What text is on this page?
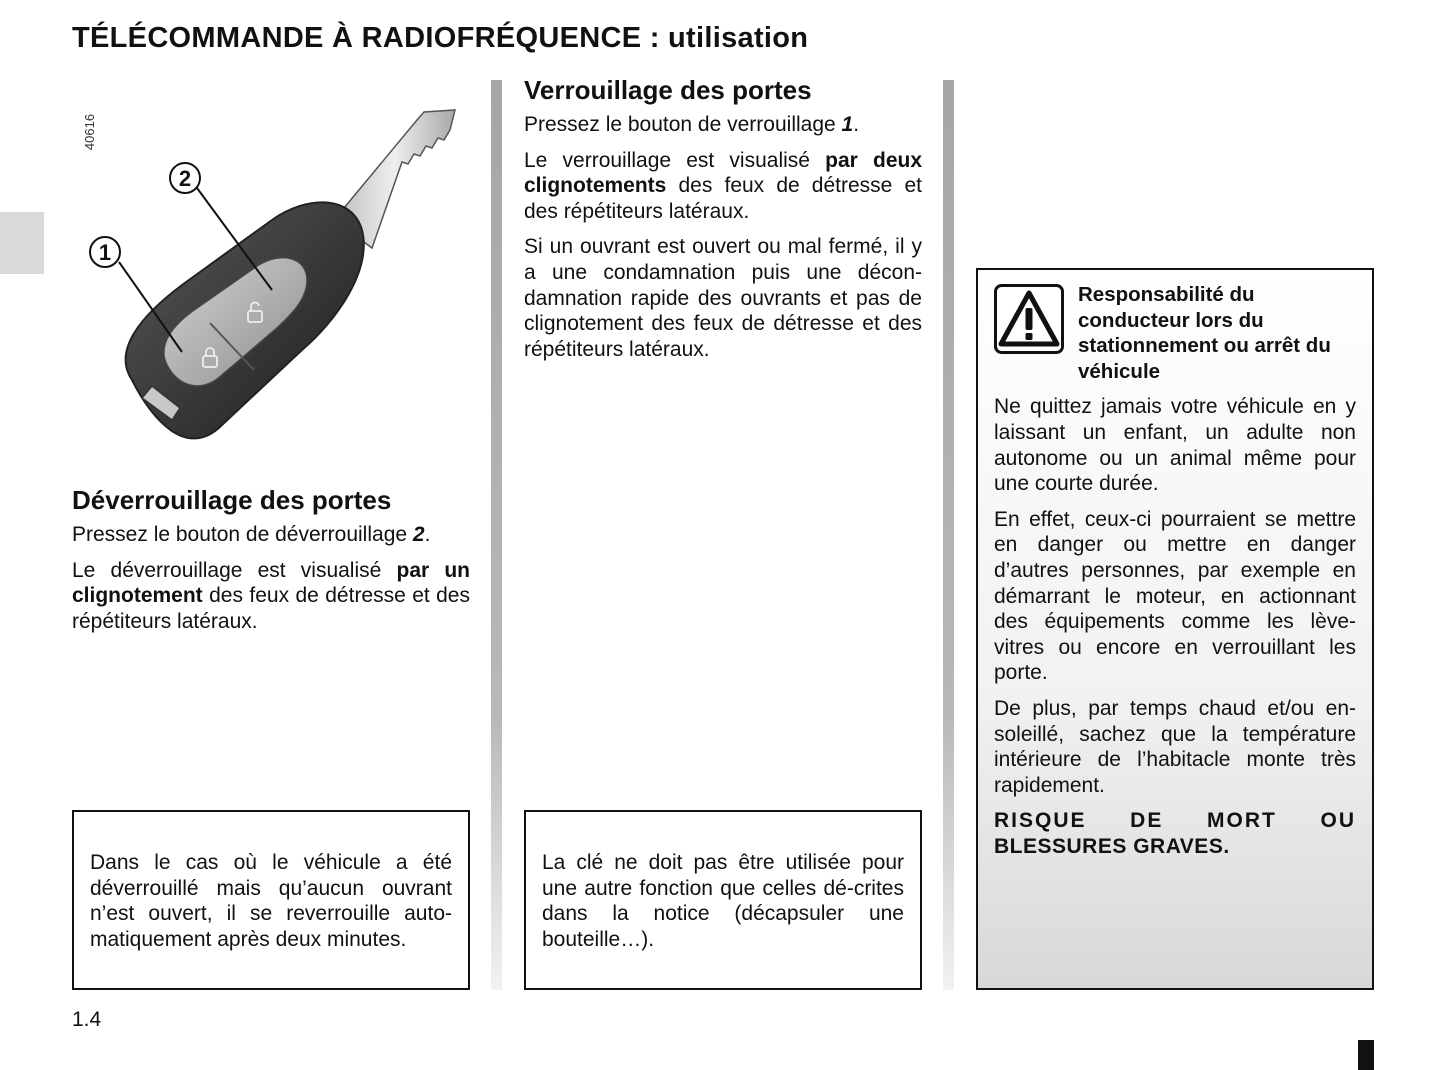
TÉLÉCOMMANDE À RADIOFRÉQUENCE : utilisation
1
2
40616
Déverrouillage des portes

Pressez le bouton de déverrouillage 2.

Le déverrouillage est visualisé par un clignotement des feux de détresse et des répétiteurs latéraux.

Verrouillage des portes

Pressez le bouton de verrouillage 1.

Le verrouillage est visualisé par deux clignotements des feux de détresse et des répétiteurs latéraux.

Si un ouvrant est ouvert ou mal fermé, il y a une condamnation puis une décon-damnation rapide des ouvrants et pas de clignotement des feux de détresse et des répétiteurs latéraux.

Dans le cas où le véhicule a été déverrouillé mais qu’aucun ouvrant n’est ouvert, il se reverrouille auto-matiquement après deux minutes.

La clé ne doit pas être utilisée pour une autre fonction que celles dé-crites dans la notice (décapsuler une bouteille…).

Responsabilité du conducteur lors du stationnement ou arrêt du véhicule

Ne quittez jamais votre véhicule en y laissant un enfant, un adulte non autonome ou un animal même pour une courte durée.

En effet, ceux-ci pourraient se mettre en danger ou mettre en danger d’autres personnes, par exemple en démarrant le moteur, en actionnant des équipements comme les lève-vitres ou encore en verrouillant les porte.

De plus, par temps chaud et/ou en-soleillé, sachez que la température intérieure de l’habitacle monte très rapidement.

RISQUE DE MORT OU
BLESSURES GRAVES.

1.4
